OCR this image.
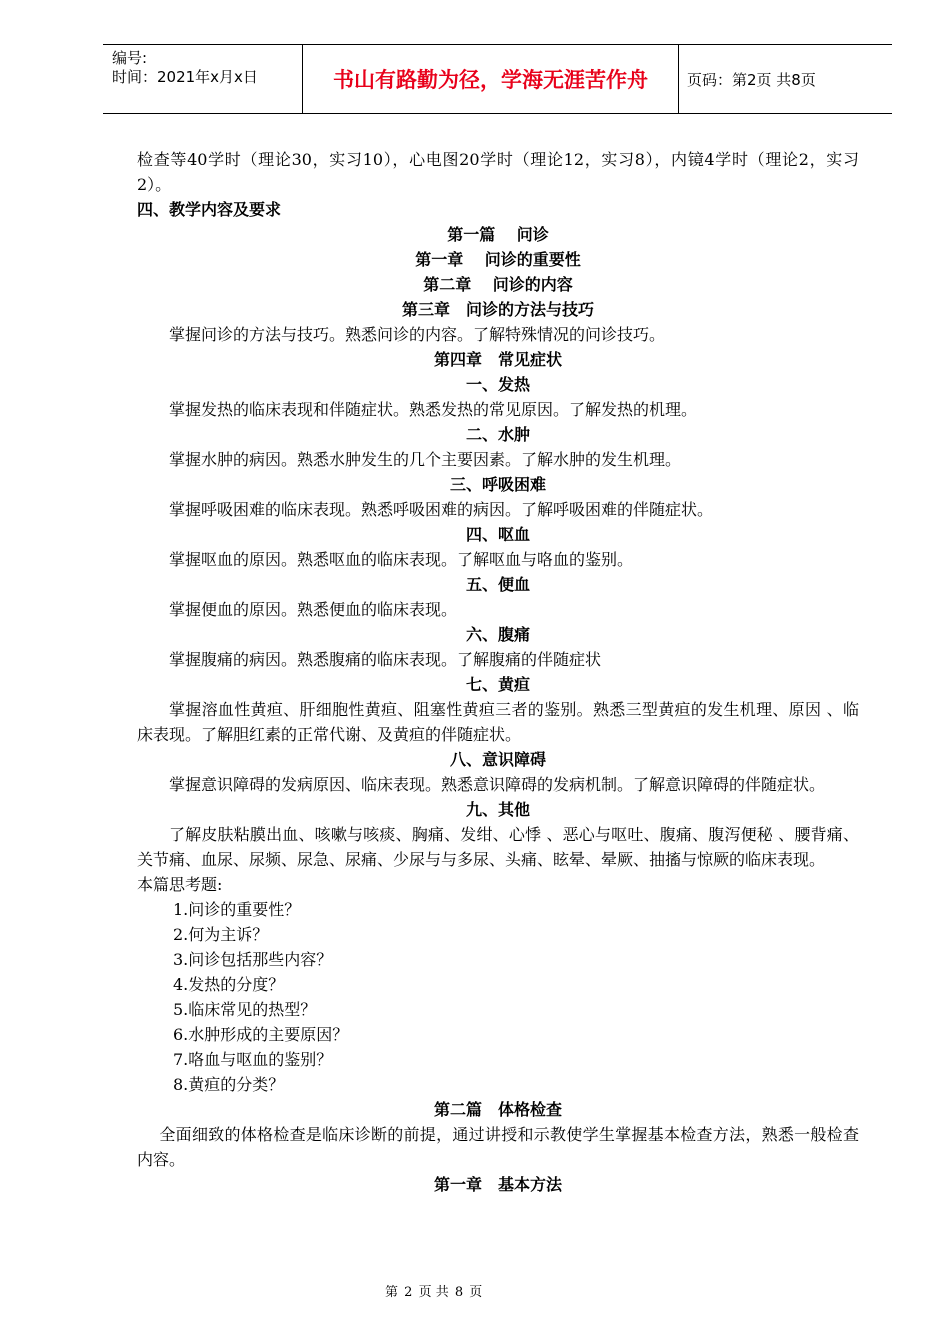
编号:
时间：2021年x月x日	书山有路勤为径，学海无涯苦作舟	页码：第2页 共8页

检查等40学时（理论30，实习10），心电图20学时（理论12，实习8），内镜4学时（理论2，实习2）。

四、教学内容及要求

第一篇　 问诊

第一章　 问诊的重要性

第二章　 问诊的内容

第三章　问诊的方法与技巧

掌握问诊的方法与技巧。熟悉问诊的内容。了解特殊情况的问诊技巧。

第四章　常见症状

一、发热

掌握发热的临床表现和伴随症状。熟悉发热的常见原因。了解发热的机理。

二、水肿

掌握水肿的病因。熟悉水肿发生的几个主要因素。了解水肿的发生机理。

三、呼吸困难

掌握呼吸困难的临床表现。熟悉呼吸困难的病因。了解呼吸困难的伴随症状。

四、呕血

掌握呕血的原因。熟悉呕血的临床表现。了解呕血与咯血的鉴别。

五、便血

掌握便血的原因。熟悉便血的临床表现。

六、腹痛

掌握腹痛的病因。熟悉腹痛的临床表现。了解腹痛的伴随症状

七、黄疸

掌握溶血性黄疸、肝细胞性黄疸、阻塞性黄疸三者的鉴别。熟悉三型黄疸的发生机理、原因 、临床表现。了解胆红素的正常代谢、及黄疸的伴随症状。

八、意识障碍

掌握意识障碍的发病原因、临床表现。熟悉意识障碍的发病机制。了解意识障碍的伴随症状。

九、其他

了解皮肤粘膜出血、咳嗽与咳痰、胸痛、发绀、心悸 、恶心与呕吐、腹痛、腹泻便秘 、腰背痛、关节痛、血尿、尿频、尿急、尿痛、少尿与与多尿、头痛、眩晕、晕厥、抽搐与惊厥的临床表现。

本篇思考题:

1.问诊的重要性？

2.何为主诉？

3.问诊包括那些内容？

4.发热的分度？

5.临床常见的热型？

6.水肿形成的主要原因？

7.咯血与呕血的鉴别？

8.黄疸的分类？

第二篇　体格检查

全面细致的体格检查是临床诊断的前提，通过讲授和示教使学生掌握基本检查方法，熟悉一般检查内容。

第一章　基本方法

第 2 页 共 8 页
